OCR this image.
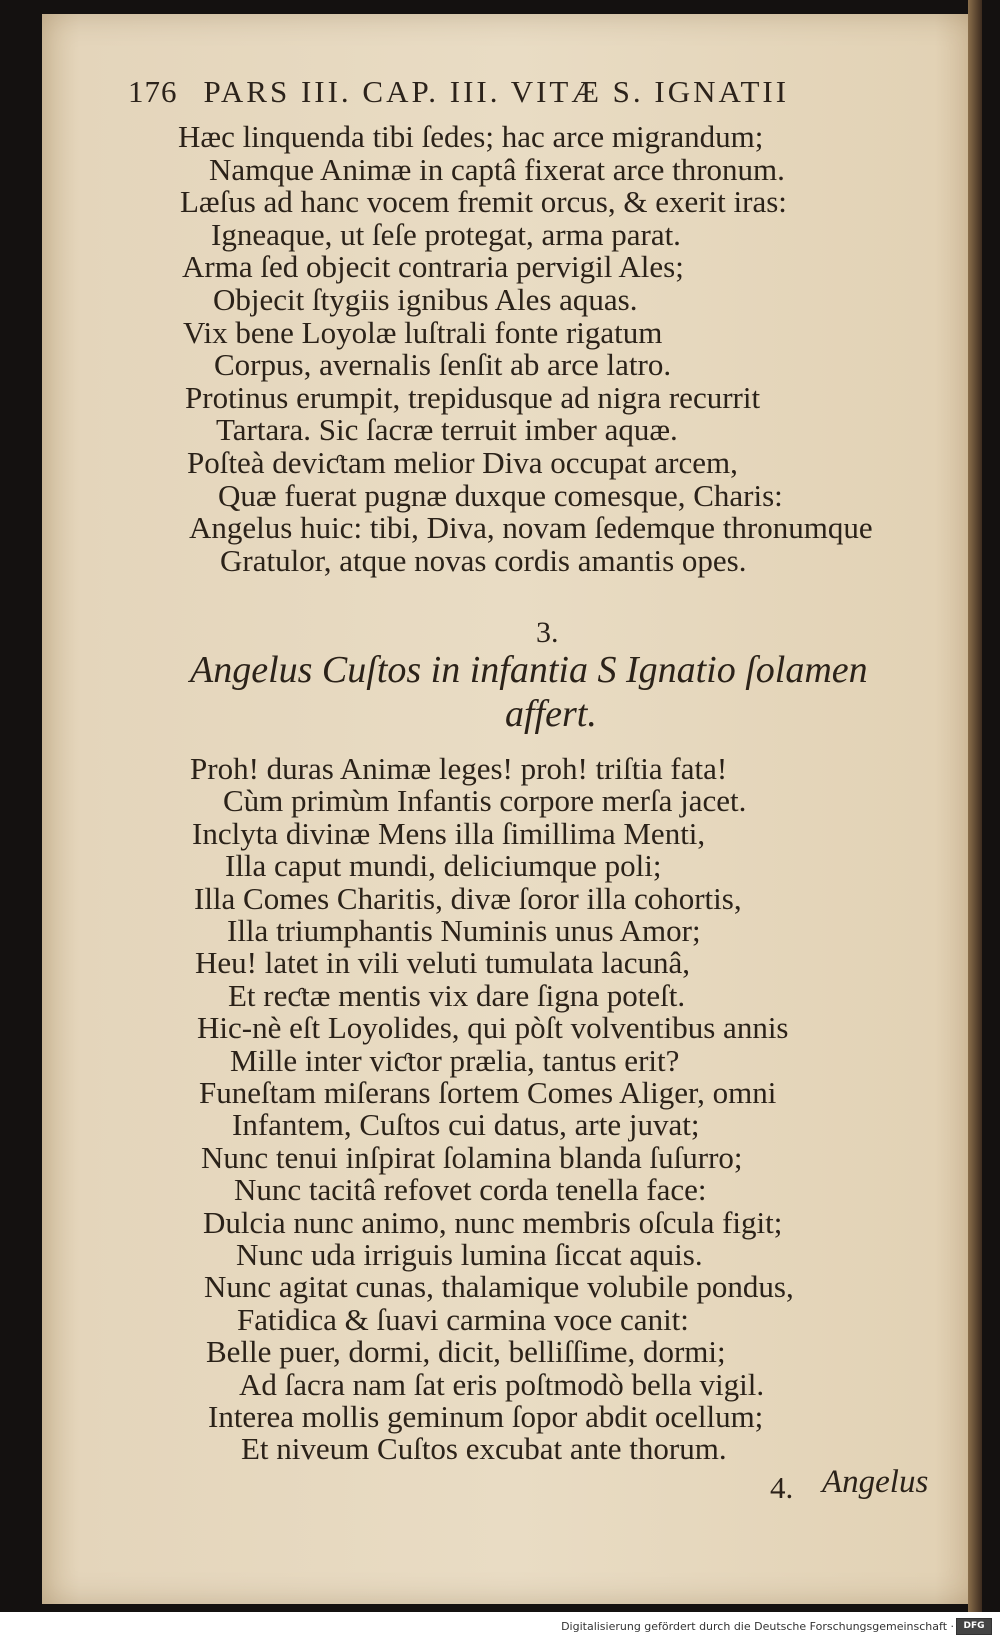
176 PARS III. CAP. III. VITÆ S. IGNATII
Hæc linquenda tibi ſedes; hac arce migrandum;
Namque Animæ in captâ fixerat arce thronum.
Læſus ad hanc vocem fremit orcus, & exerit iras:
Igneaque, ut ſeſe protegat, arma parat.
Arma ſed objecit contraria pervigil Ales;
Objecit ſtygiis ignibus Ales aquas.
Vix bene Loyolæ luſtrali fonte rigatum
Corpus, avernalis ſenſit ab arce latro.
Protinus erumpit, trepidusque ad nigra recurrit
Tartara. Sic ſacræ terruit imber aquæ.
Poſteà deviƈtam melior Diva occupat arcem,
Quæ fuerat pugnæ duxque comesque, Charis:
Angelus huic: tibi, Diva, novam ſedemque thronumque
Gratulor, atque novas cordis amantis opes.
3.
Angelus Cuſtos in infantia S Ignatio ſolamen
affert.
Proh! duras Animæ leges! proh! triſtia fata!
Cùm primùm Infantis corpore merſa jacet.
Inclyta divinæ Mens illa ſimillima Menti,
Illa caput mundi, deliciumque poli;
Illa Comes Charitis, divæ ſoror illa cohortis,
Illa triumphantis Numinis unus Amor;
Heu! latet in vili veluti tumulata lacunâ,
Et reƈtæ mentis vix dare ſigna poteſt.
Hic-nè eſt Loyolides, qui pòſt volventibus annis
Mille inter viƈtor prælia, tantus erit?
Funeſtam miſerans ſortem Comes Aliger, omni
Infantem, Cuſtos cui datus, arte juvat;
Nunc tenui inſpirat ſolamina blanda ſuſurro;
Nunc tacitâ refovet corda tenella face:
Dulcia nunc animo, nunc membris oſcula figit;
Nunc uda irriguis lumina ſiccat aquis.
Nunc agitat cunas, thalamique volubile pondus,
Fatidica & ſuavi carmina voce canit:
Belle puer, dormi, dicit, belliſſime, dormi;
Ad ſacra nam ſat eris poſtmodò bella vigil.
Interea mollis geminum ſopor abdit ocellum;
Et niveum Cuſtos excubat ante thorum.
4. Angelus
Digitalisierung gefördert durch die Deutsche Forschungsgemeinschaft ·	DFG
